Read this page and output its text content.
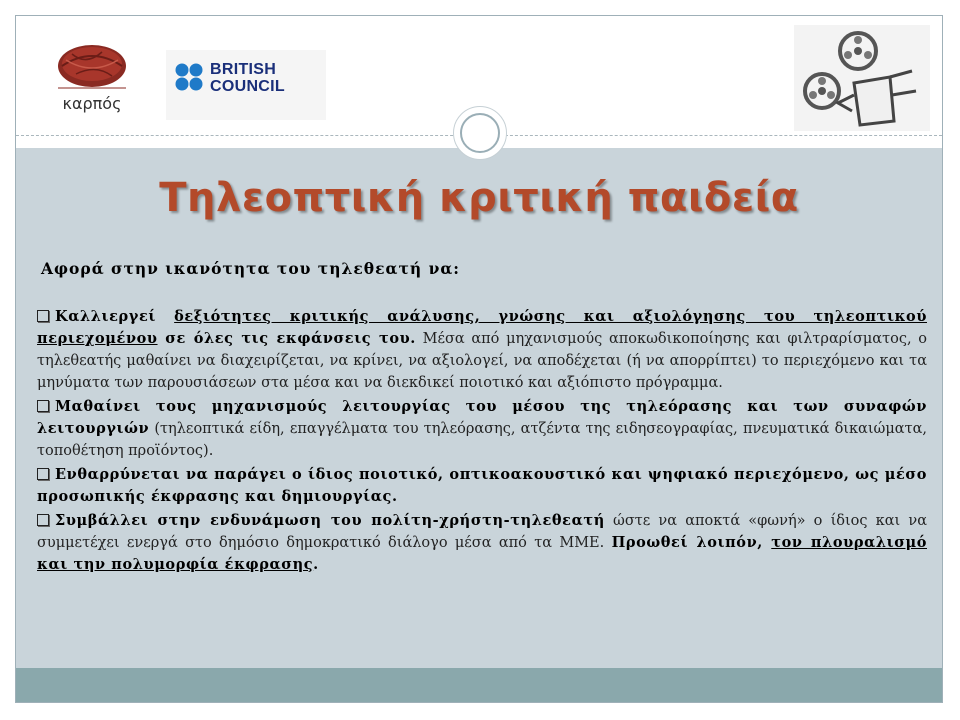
καρπός
BRITISH
COUNCIL
Τηλεοπτική κριτική παιδεία
Αφορά στην ικανότητα του τηλεθεατή να:

Καλλιεργεί δεξιότητες κριτικής ανάλυσης, γνώσης και αξιολόγησης του τηλεοπτικού περιεχομένου σε όλες τις εκφάνσεις του. Μέσα από μηχανισμούς αποκωδικοποίησης και φιλτραρίσματος, ο τηλεθεατής μαθαίνει να διαχειρίζεται, να κρίνει, να αξιολογεί, να αποδέχεται (ή να απορρίπτει) το περιεχόμενο και τα μηνύματα των παρουσιάσεων στα μέσα και να διεκδικεί ποιοτικό και αξιόπιστο πρόγραμμα.

Μαθαίνει τους μηχανισμούς λειτουργίας του μέσου της τηλεόρασης και των συναφών λειτουργιών (τηλεοπτικά είδη, επαγγέλματα του τηλεόρασης, ατζέντα της ειδησεογραφίας, πνευματικά δικαιώματα, τοποθέτηση προϊόντος).

Ενθαρρύνεται να παράγει ο ίδιος ποιοτικό, οπτικοακουστικό και ψηφιακό περιεχόμενο, ως μέσο προσωπικής έκφρασης και δημιουργίας.

Συμβάλλει στην ενδυνάμωση του πολίτη-χρήστη-τηλεθεατή ώστε να αποκτά «φωνή» ο ίδιος και να συμμετέχει ενεργά στο δημόσιο δημοκρατικό διάλογο μέσα από τα ΜΜΕ. Προωθεί λοιπόν, τον πλουραλισμό και την πολυμορφία έκφρασης.
